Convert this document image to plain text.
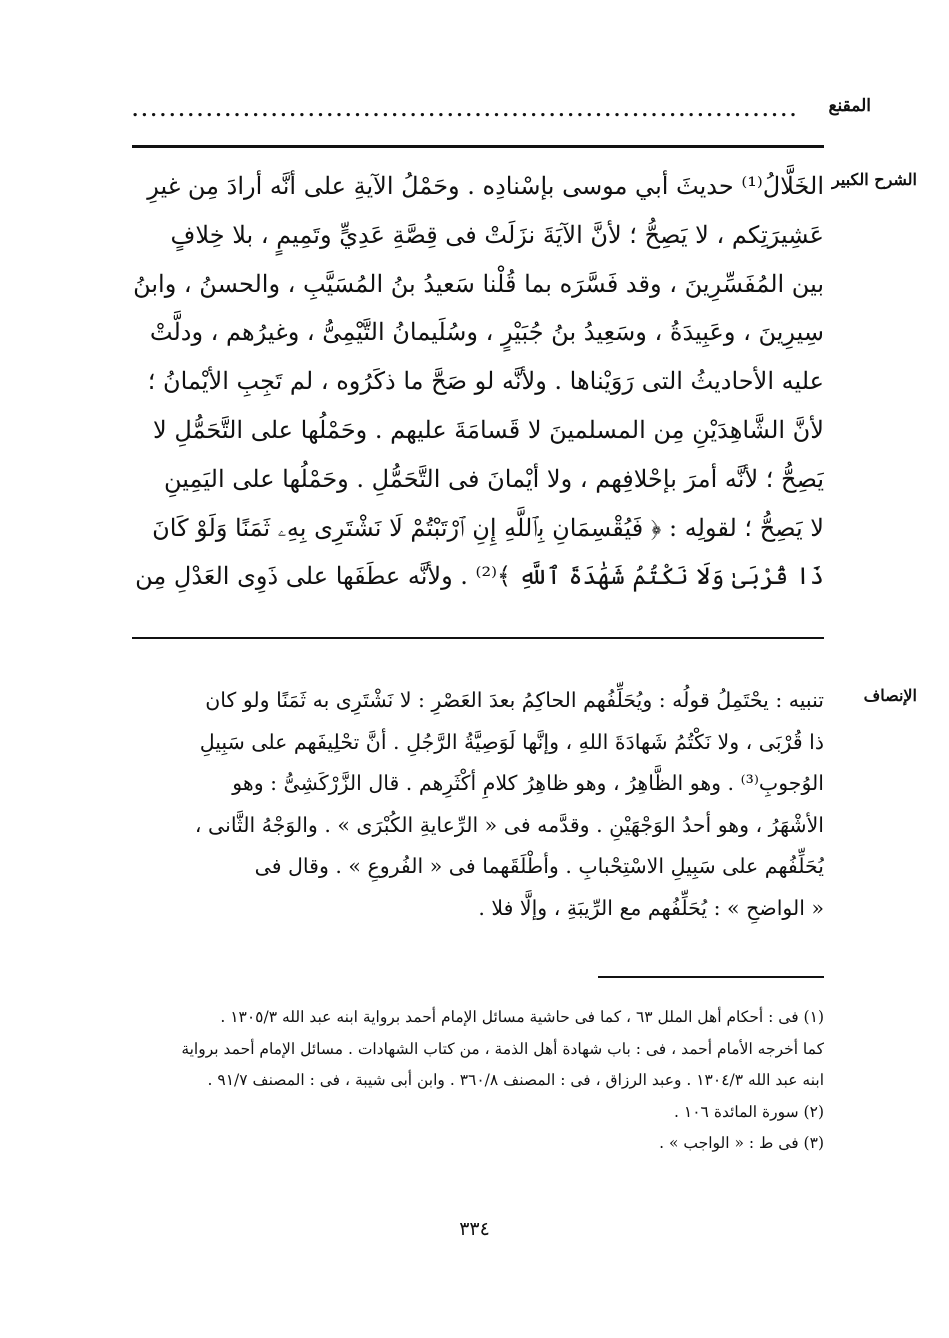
المقنع
........................................................................
الشرح الكبير
الخَلَّالُ⁽¹⁾ حديثَ أبي موسى بإسْنادِه . وحَمْلُ الآيةِ على أنَّه أرادَ مِن غيرِ
عَشِيرَتِكم ، لا يَصِحُّ ؛ لأنَّ الآيَةَ نزَلَتْ فى قِصَّةِ عَدِيٍّ وتَمِيمٍ ، بلا خِلافٍ
بين المُفَسِّرِينَ ، وقد فَسَّرَه بما قُلْنا سَعيدُ بنُ المُسَيَّبِ ، والحسنُ ، وابنُ
سِيرِينَ ، وعَبِيدَةُ ، وسَعِيدُ بنُ جُبَيْرٍ ، وسُلَيمانُ التَّيْمِىُّ ، وغيرُهم ، ودلَّتْ
عليه الأحاديثُ التى رَوَيْناها . ولأنَّه لو صَحَّ ما ذكَرُوه ، لم تَجِبِ الأيْمانُ ؛
لأنَّ الشَّاهِدَيْنِ مِن المسلمينَ لا قَسامَةَ عليهم . وحَمْلُها على التَّحَمُّلِ لا
يَصِحُّ ؛ لأنَّه أمرَ بإحْلافِهم ، ولا أيْمانَ فى التَّحَمُّلِ . وحَمْلُها على اليَمِينِ
لا يَصِحُّ ؛ لقولِه : ﴿ فَيُقْسِمَانِ بِٱللَّهِ إِنِ ٱرْتَبْتُمْ لَا نَشْتَرِى بِهِۦ ثَمَنًا وَلَوْ كَانَ
ذَا قُرْبَىٰ وَلَا نَكْتُمُ شَهَٰدَةَ ٱللَّهِ ﴾⁽²⁾ . ولأنَّه عطَفَها على ذَوِى العَدْلِ مِن
الإنصاف
تنبيه : يحْتَمِلُ قولُه : ويُحَلِّفُهم الحاكِمُ بعدَ العَصْرِ : لا نَشْتَرِى به ثَمَنًا ولو كان
ذا قُرْبَى ، ولا نَكْتُمُ شَهادَةَ اللهِ ، وإنَّها لَوَصِيَّةُ الرَّجُلِ . أنَّ تحْلِيفَهم على سَبِيلِ
الوُجوبِ⁽³⁾ . وهو الظَّاهِرُ ، وهو ظاهِرُ كلامِ أكْثَرِهم . قال الزَّرْكَشِىُّ : وهو
الأشْهَرُ ، وهو أحدُ الوَجْهَيْنِ . وقدَّمه فى « الرِّعايةِ الكُبْرَى » . والوَجْهُ الثَّانى ،
يُحَلِّفُهم على سَبِيلِ الاسْتِحْبابِ . وأطْلَقَهما فى « الفُروعِ » . وقال فى
« الواضحِ » : يُحَلِّفُهم مع الرِّيبَةِ ، وإلَّا فلا .
(١) فى : أحكام أهل الملل ٦٣ ، كما فى حاشية مسائل الإمام أحمد برواية ابنه عبد الله ١٣٠٥/٣ .
كما أخرجه الأمام أحمد ، فى : باب شهادة أهل الذمة ، من كتاب الشهادات . مسائل الإمام أحمد برواية
ابنه عبد الله ١٣٠٤/٣ . وعبد الرزاق ، فى : المصنف ٣٦٠/٨ . وابن أبى شيبة ، فى : المصنف ٩١/٧ .
(٢) سورة المائدة ١٠٦ .
(٣) فى ط : « الواجب » .
٣٣٤
